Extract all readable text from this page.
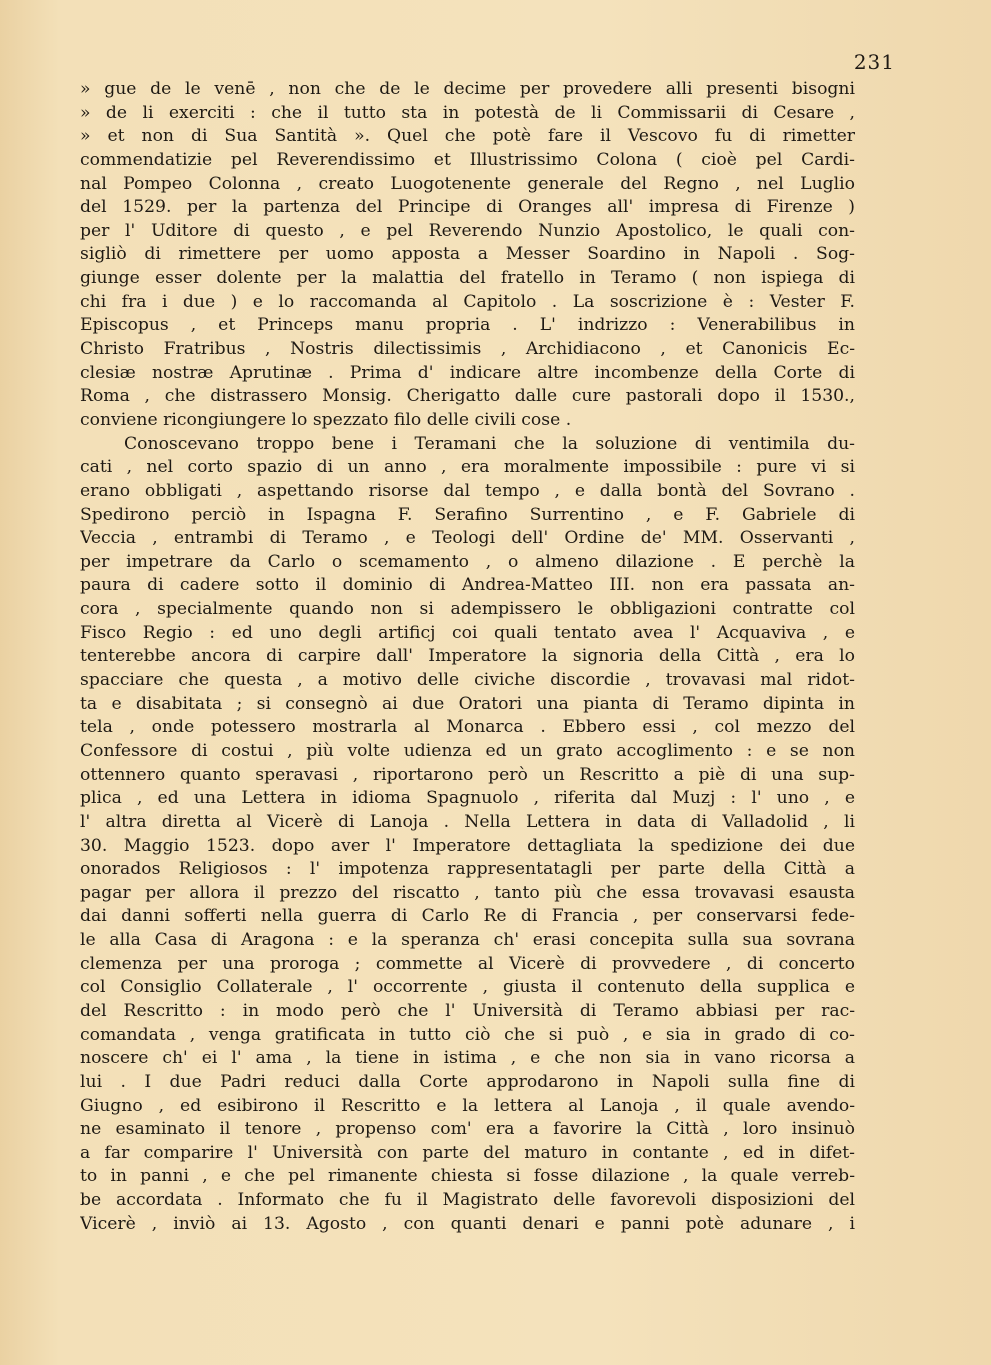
231
» gue de le venē , non che de le decime per provedere alli presenti bisogni
» de li exerciti : che il tutto sta in potestà de li Commissarii di Cesare ,
» et non di Sua Santità ». Quel che potè fare il Vescovo fu di rimetter
commendatizie pel Reverendissimo et Illustrissimo Colona ( cioè pel Cardi-
nal Pompeo Colonna , creato Luogotenente generale del Regno , nel Luglio
del 1529. per la partenza del Principe di Oranges all' impresa di Firenze )
per l' Uditore di questo , e pel Reverendo Nunzio Apostolico, le quali con-
sigliò di rimettere per uomo apposta a Messer Soardino in Napoli . Sog-
giunge esser dolente per la malattia del fratello in Teramo ( non ispiega di
chi fra i due ) e lo raccomanda al Capitolo . La soscrizione è : Vester F.
Episcopus , et Princeps manu propria . L' indrizzo : Venerabilibus in
Christo Fratribus , Nostris dilectissimis , Archidiacono , et Canonicis Ec-
clesiæ nostræ Aprutinæ . Prima d' indicare altre incombenze della Corte di
Roma , che distrassero Monsig. Cherigatto dalle cure pastorali dopo il 1530.,
conviene ricongiungere lo spezzato filo delle civili cose .
Conoscevano troppo bene i Teramani che la soluzione di ventimila du-
cati , nel corto spazio di un anno , era moralmente impossibile : pure vi si
erano obbligati , aspettando risorse dal tempo , e dalla bontà del Sovrano .
Spedirono perciò in Ispagna F. Serafino Surrentino , e F. Gabriele di
Veccia , entrambi di Teramo , e Teologi dell' Ordine de' MM. Osservanti ,
per impetrare da Carlo o scemamento , o almeno dilazione . E perchè la
paura di cadere sotto il dominio di Andrea-Matteo III. non era passata an-
cora , specialmente quando non si adempissero le obbligazioni contratte col
Fisco Regio : ed uno degli artificj coi quali tentato avea l' Acquaviva , e
tenterebbe ancora di carpire dall' Imperatore la signoria della Città , era lo
spacciare che questa , a motivo delle civiche discordie , trovavasi mal ridot-
ta e disabitata ; si consegnò ai due Oratori una pianta di Teramo dipinta in
tela , onde potessero mostrarla al Monarca . Ebbero essi , col mezzo del
Confessore di costui , più volte udienza ed un grato accoglimento : e se non
ottennero quanto speravasi , riportarono però un Rescritto a piè di una sup-
plica , ed una Lettera in idioma Spagnuolo , riferita dal Muzj : l' uno , e
l' altra diretta al Vicerè di Lanoja . Nella Lettera in data di Valladolid , li
30. Maggio 1523. dopo aver l' Imperatore dettagliata la spedizione dei due
onorados Religiosos : l' impotenza rappresentatagli per parte della Città a
pagar per allora il prezzo del riscatto , tanto più che essa trovavasi esausta
dai danni sofferti nella guerra di Carlo Re di Francia , per conservarsi fede-
le alla Casa di Aragona : e la speranza ch' erasi concepita sulla sua sovrana
clemenza per una proroga ; commette al Vicerè di provvedere , di concerto
col Consiglio Collaterale , l' occorrente , giusta il contenuto della supplica e
del Rescritto : in modo però che l' Università di Teramo abbiasi per rac-
comandata , venga gratificata in tutto ciò che si può , e sia in grado di co-
noscere ch' ei l' ama , la tiene in istima , e che non sia in vano ricorsa a
lui . I due Padri reduci dalla Corte approdarono in Napoli sulla fine di
Giugno , ed esibirono il Rescritto e la lettera al Lanoja , il quale avendo-
ne esaminato il tenore , propenso com' era a favorire la Città , loro insinuò
a far comparire l' Università con parte del maturo in contante , ed in difet-
to in panni , e che pel rimanente chiesta si fosse dilazione , la quale verreb-
be accordata . Informato che fu il Magistrato delle favorevoli disposizioni del
Vicerè , inviò ai 13. Agosto , con quanti denari e panni potè adunare , i
